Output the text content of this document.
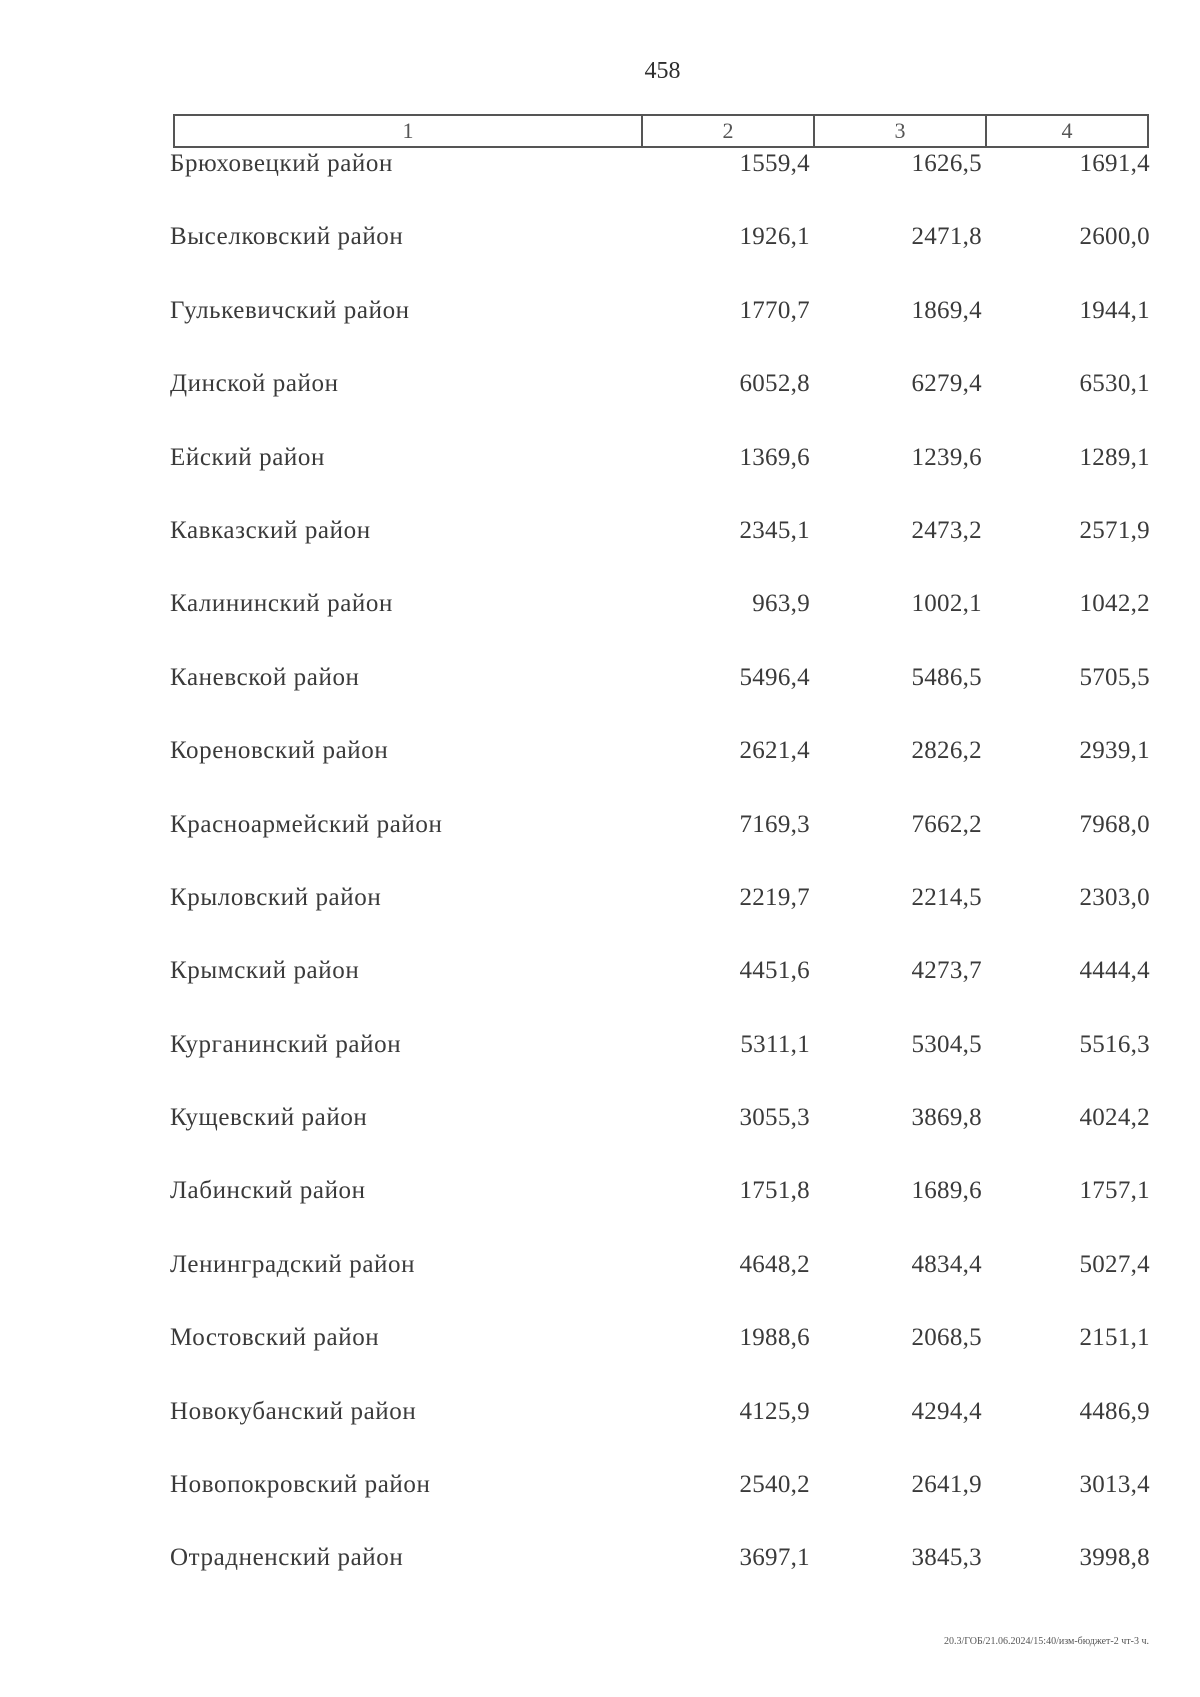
458
1	2	3	4
Брюховецкий район	1559,4	1626,5	1691,4
Выселковский район	1926,1	2471,8	2600,0
Гулькевичский район	1770,7	1869,4	1944,1
Динской район	6052,8	6279,4	6530,1
Ейский район	1369,6	1239,6	1289,1
Кавказский район	2345,1	2473,2	2571,9
Калининский район	963,9	1002,1	1042,2
Каневской район	5496,4	5486,5	5705,5
Кореновский район	2621,4	2826,2	2939,1
Красноармейский район	7169,3	7662,2	7968,0
Крыловский район	2219,7	2214,5	2303,0
Крымский район	4451,6	4273,7	4444,4
Курганинский район	5311,1	5304,5	5516,3
Кущевский район	3055,3	3869,8	4024,2
Лабинский район	1751,8	1689,6	1757,1
Ленинградский район	4648,2	4834,4	5027,4
Мостовский район	1988,6	2068,5	2151,1
Новокубанский район	4125,9	4294,4	4486,9
Новопокровский район	2540,2	2641,9	3013,4
Отрадненский район	3697,1	3845,3	3998,8
20.3/ГОБ/21.06.2024/15:40/изм-бюджет-2 чт-3 ч.
